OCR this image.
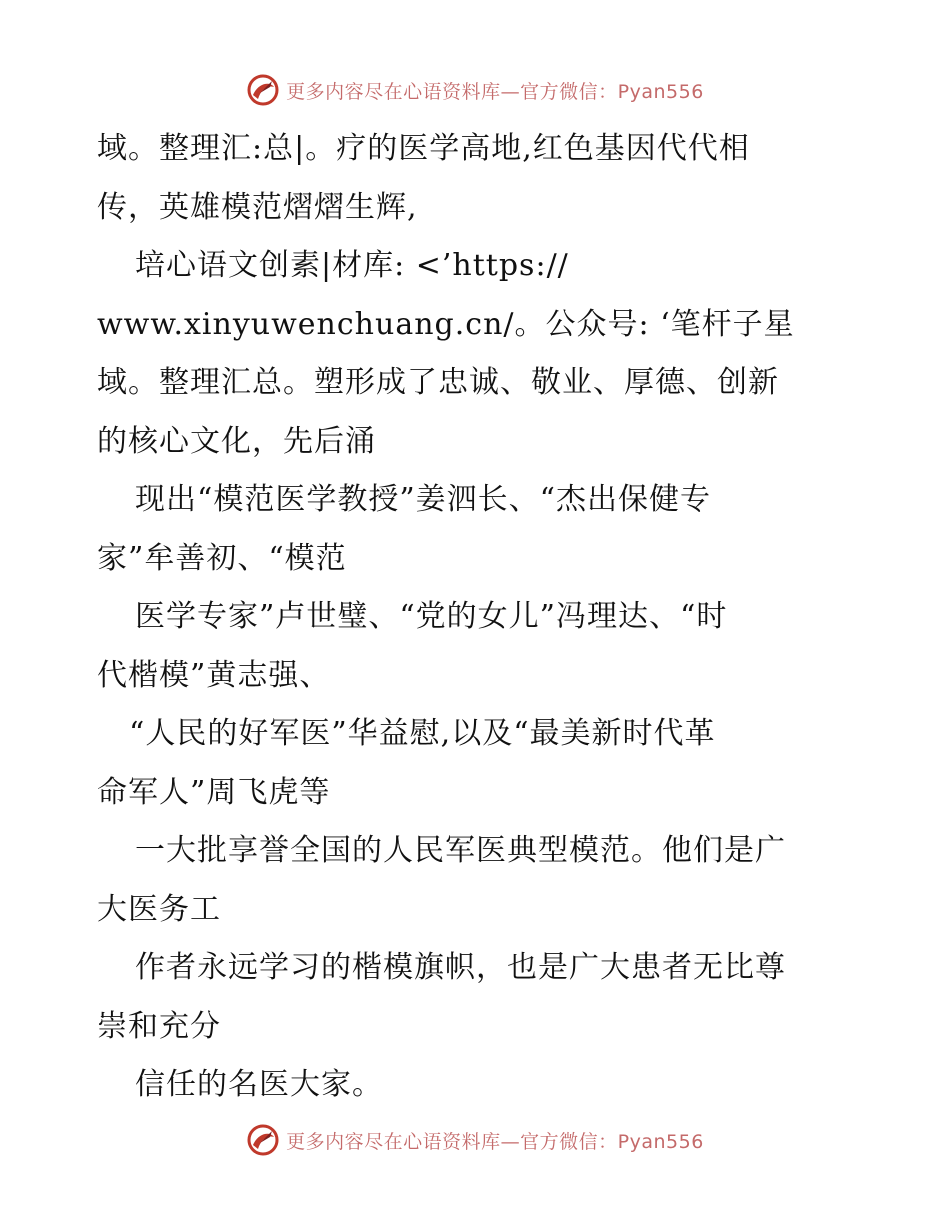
更多内容尽在心语资料库—官方微信：Pyan556
域。整理汇:总|。疗的医学高地,红色基因代代相
传，英雄模范熠熠生辉,
培心语文创素|材库: <’https://
www.xinyuwenchuang.cn/。公众号: ‘笔杆子星
域。整理汇总。塑形成了忠诚、敬业、厚德、创新
的核心文化，先后涌
现出“模范医学教授”姜泗长、“杰出保健专
家”牟善初、“模范
医学专家”卢世璧、“党的女儿”冯理达、“时
代楷模”黄志强、
“人民的好军医”华益慰,以及“最美新时代革
命军人”周飞虎等
一大批享誉全国的人民军医典型模范。他们是广
大医务工
作者永远学习的楷模旗帜，也是广大患者无比尊
崇和充分
信任的名医大家。
更多内容尽在心语资料库—官方微信：Pyan556
